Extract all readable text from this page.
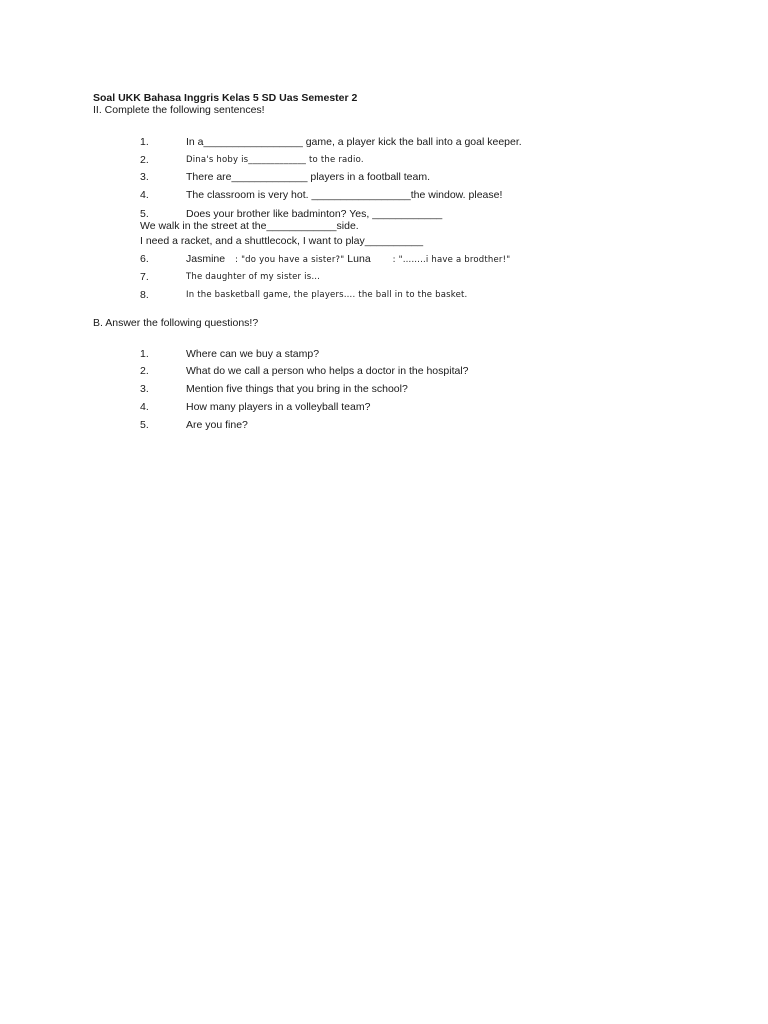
Soal UKK Bahasa Inggris Kelas 5 SD Uas Semester 2
II. Complete the following sentences!
1.	In a_________________ game, a player kick the ball into a goal keeper.
2.	Dina's hoby is_____________ to the radio.
3.	There are_____________ players in a football team.
4.	The classroom is very hot. _________________the window. please!
5.	Does your brother like badminton? Yes, ____________
We walk in the street at the____________side.
I need a racket, and a shuttlecock, I want to play__________
6.	Jasmine : "do you have a sister?" Luna	: "……..i have a brodther!"
7.	The daughter of my sister is…
8.	In the basketball game, the players…. the ball in to the basket.
B. Answer the following questions!?
1.	Where can we buy a stamp?
2.	What do we call a person who helps a doctor in the hospital?
3.	Mention five things that you bring in the school?
4.	How many players in a volleyball team?
5.	Are you fine?
